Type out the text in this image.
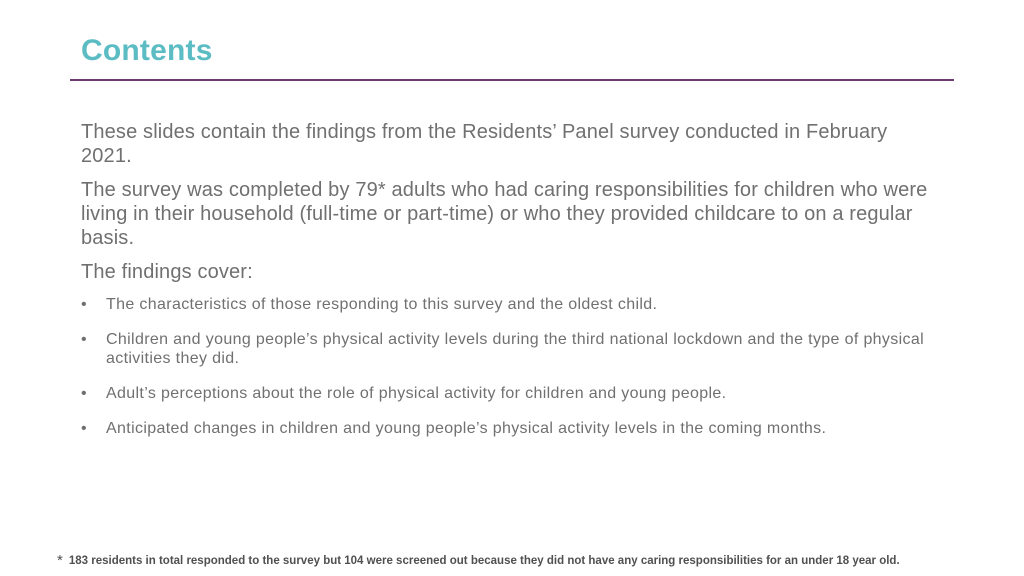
Contents

These slides contain the findings from the Residents’ Panel survey conducted in February 2021.

The survey was completed by 79* adults who had caring responsibilities for children who were living in their household (full-time or part-time) or who they provided childcare to on a regular basis.

The findings cover:

• The characteristics of those responding to this survey and the oldest child.
• Children and young people’s physical activity levels during the third national lockdown and the type of physical activities they did.
• Adult’s perceptions about the role of physical activity for children and young people.
• Anticipated changes in children and young people’s physical activity levels in the coming months.
* 183 residents in total responded to the survey but 104 were screened out because they did not have any caring responsibilities for an under 18 year old.
